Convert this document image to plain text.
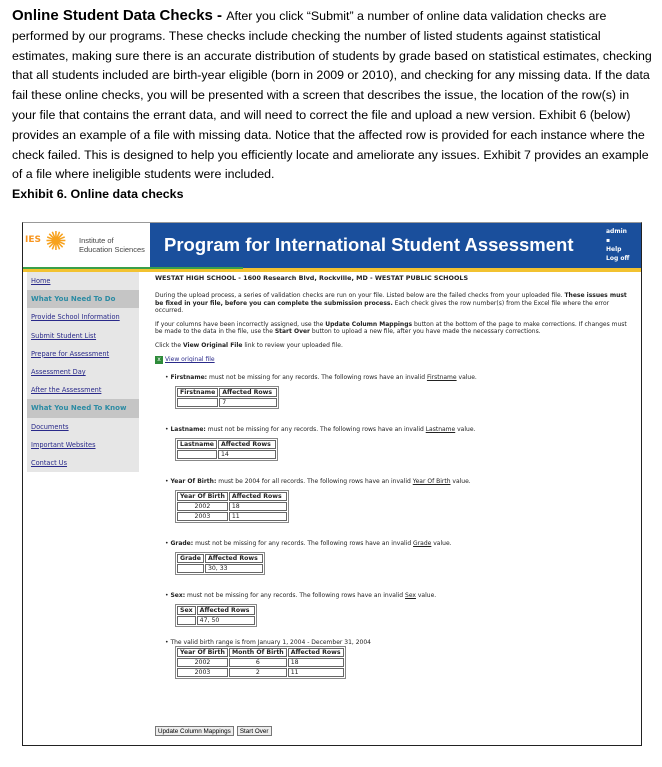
Online Student Data Checks - After you click “Submit” a number of online data validation checks are performed by our programs. These checks include checking the number of listed students against statistical estimates, making sure there is an accurate distribution of students by grade based on statistical estimates, checking that all students included are birth-year eligible (born in 2009 or 2010), and checking for any missing data. If the data fail these online checks, you will be presented with a screen that describes the issue, the location of the row(s) in your file that contains the errant data, and will need to correct the file and upload a new version. Exhibit 6 (below) provides an example of a file with missing data. Notice that the affected row is provided for each instance where the check failed. This is designed to help you efficiently locate and ameliorate any issues. Exhibit 7 provides an example of a file where ineligible students were included.
Exhibit 6. Online data checks
IES ✺ Institute of
Education Sciences Program for International Student Assessment
admin
▪
Help
Log off
Home
What You Need To Do
Provide School Information
Submit Student List
Prepare for Assessment
Assessment Day
After the Assessment
What You Need To Know
Documents
Important Websites
Contact Us
WESTAT HIGH SCHOOL - 1600 Research Blvd, Rockville, MD - WESTAT PUBLIC SCHOOLS
During the upload process, a series of validation checks are run on your file. Listed below are the failed checks from your uploaded file. These issues must be fixed in your file, before you can complete the submission process. Each check gives the row number(s) from the Excel file where the error occurred.
If your columns have been incorrectly assigned, use the Update Column Mappings button at the bottom of the page to make corrections. If changes must be made to the data in the file, use the Start Over button to upload a new file, after you have made the necessary corrections.
Click the View Original File link to review your uploaded file.
x View original file
• Firstname: must not be missing for any records. The following rows have an invalid Firstname value.
Firstname	Affected Rows
	7
• Lastname: must not be missing for any records. The following rows have an invalid Lastname value.
Lastname	Affected Rows
	14
• Year Of Birth: must be 2004 for all records. The following rows have an invalid Year Of Birth value.
Year Of Birth	Affected Rows
2002	18
2003	11
• Grade: must not be missing for any records. The following rows have an invalid Grade value.
Grade	Affected Rows
	30, 33
• Sex: must not be missing for any records. The following rows have an invalid Sex value.
Sex	Affected Rows
	47, 50
• The valid birth range is from January 1, 2004 - December 31, 2004
Year Of Birth	Month Of Birth	Affected Rows
2002	6	18
2003	2	11
Update Column Mappings	Start Over
